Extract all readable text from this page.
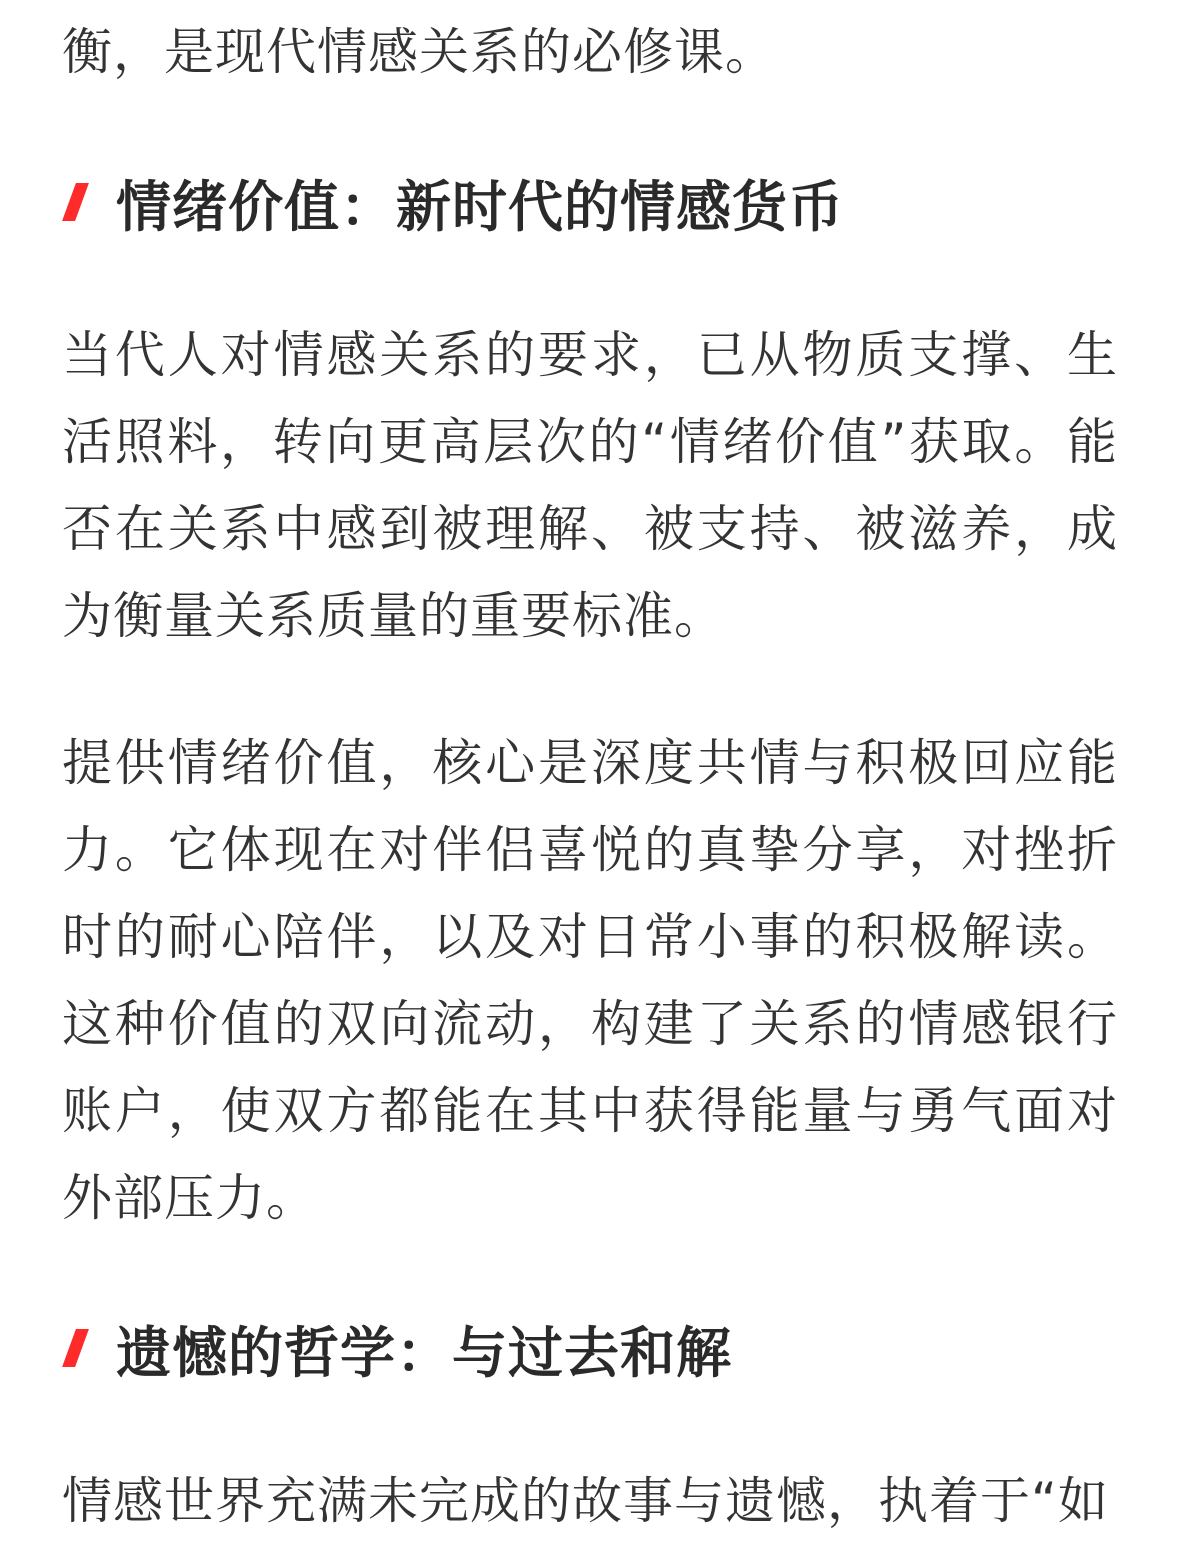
衡，是现代情感关系的必修课。

情绪价值：新时代的情感货币

当代人对情感关系的要求，已从物质支撑、生活照料，转向更高层次的“情绪价值”获取。能否在关系中感到被理解、被支持、被滋养，成为衡量关系质量的重要标准。

提供情绪价值，核心是深度共情与积极回应能力。它体现在对伴侣喜悦的真挚分享，对挫折时的耐心陪伴，以及对日常小事的积极解读。这种价值的双向流动，构建了关系的情感银行账户，使双方都能在其中获得能量与勇气面对外部压力。

遗憾的哲学：与过去和解

情感世界充满未完成的故事与遗憾，执着于“如
